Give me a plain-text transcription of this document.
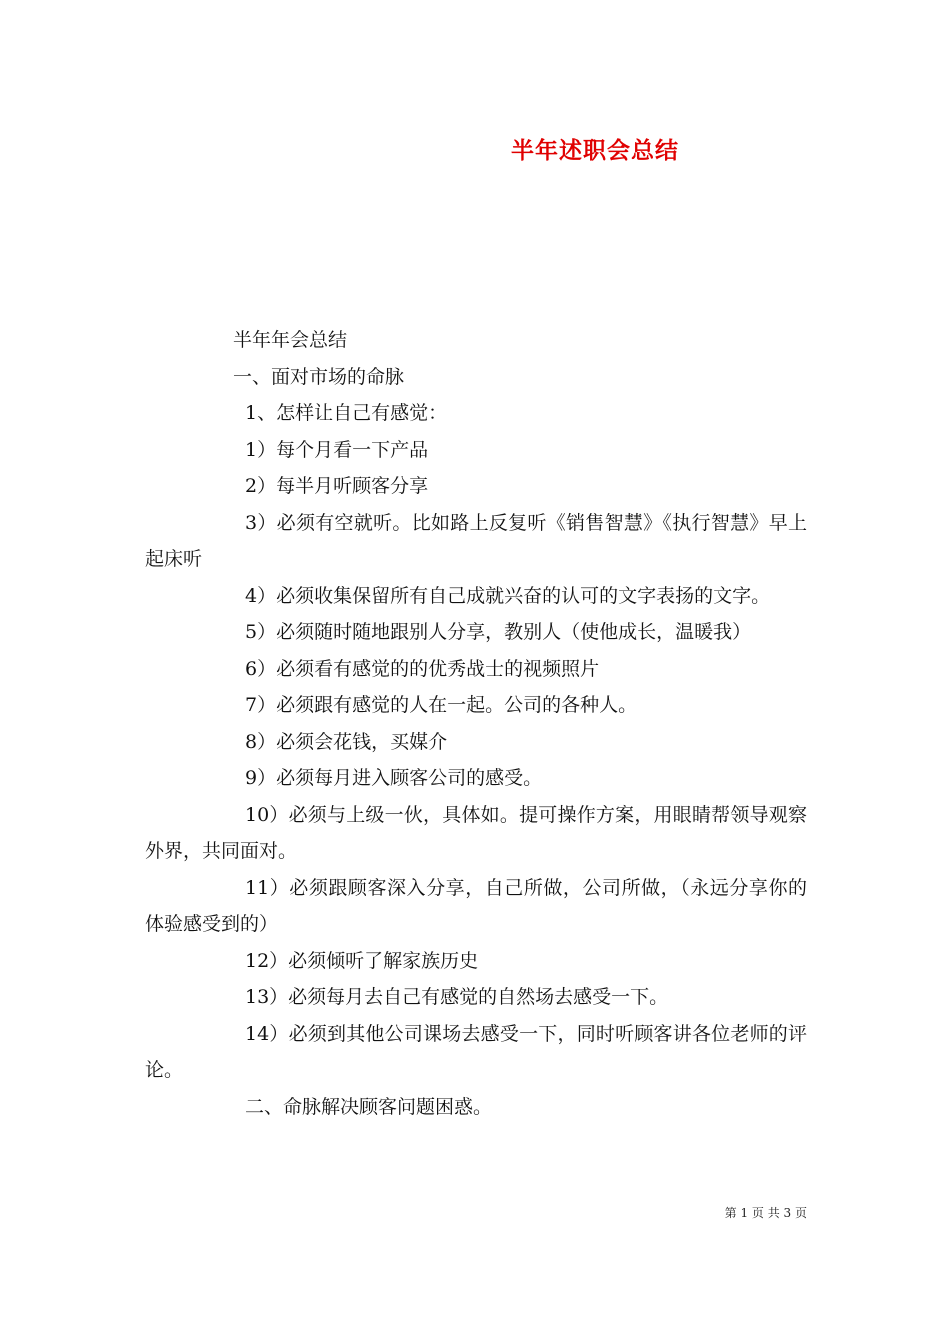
半年述职会总结

半年年会总结

一、面对市场的命脉

1、怎样让自己有感觉：

1）每个月看一下产品

2）每半月听顾客分享

3）必须有空就听。比如路上反复听《销售智慧》《执行智慧》早上起床听

4）必须收集保留所有自己成就兴奋的认可的文字表扬的文字。

5）必须随时随地跟别人分享，教别人（使他成长，温暖我）

6）必须看有感觉的的优秀战士的视频照片

7）必须跟有感觉的人在一起。公司的各种人。

8）必须会花钱，买媒介

9）必须每月进入顾客公司的感受。

10）必须与上级一伙，具体如。提可操作方案，用眼睛帮领导观察外界，共同面对。

11）必须跟顾客深入分享，自己所做，公司所做，（永远分享你的体验感受到的）

12）必须倾听了解家族历史

13）必须每月去自己有感觉的自然场去感受一下。

14）必须到其他公司课场去感受一下，同时听顾客讲各位老师的评论。

二、命脉解决顾客问题困惑。

第 1 页 共 3 页
